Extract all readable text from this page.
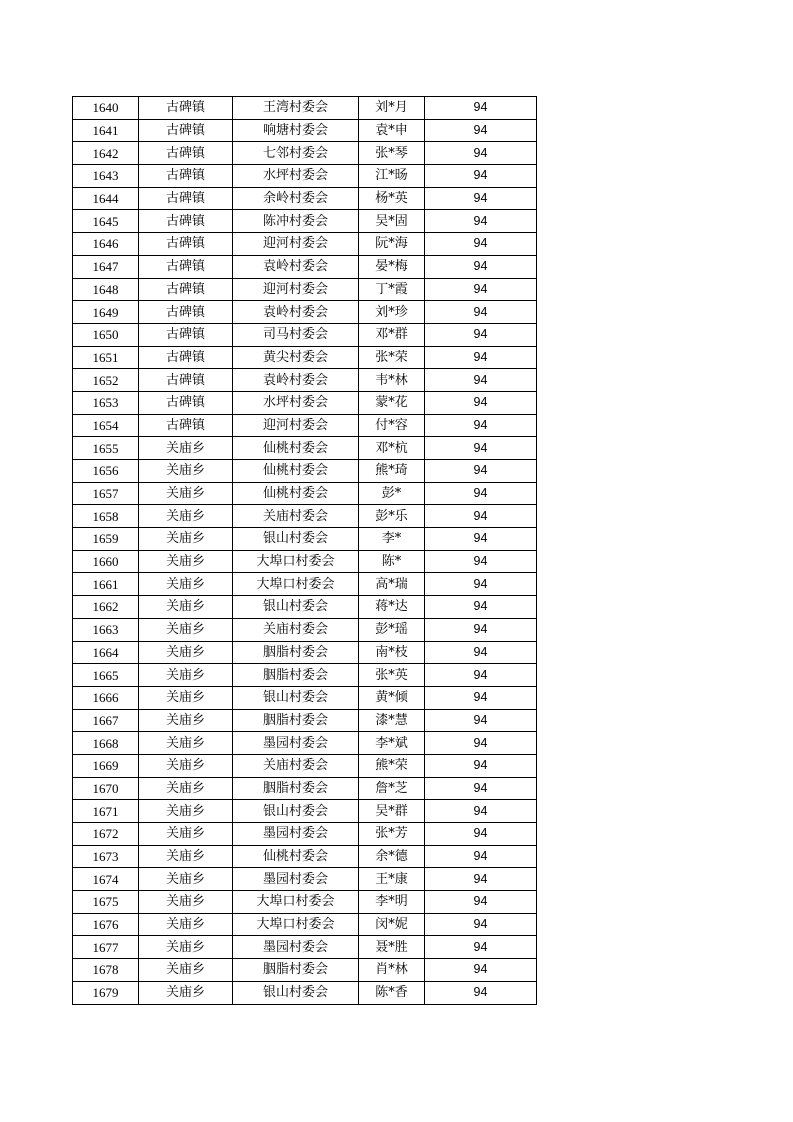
1640	古碑镇	王湾村委会	刘*月	94
1641	古碑镇	响塘村委会	袁*申	94
1642	古碑镇	七邻村委会	张*琴	94
1643	古碑镇	水坪村委会	江*旸	94
1644	古碑镇	余岭村委会	杨*英	94
1645	古碑镇	陈冲村委会	吴*固	94
1646	古碑镇	迎河村委会	阮*海	94
1647	古碑镇	袁岭村委会	晏*梅	94
1648	古碑镇	迎河村委会	丁*霞	94
1649	古碑镇	袁岭村委会	刘*珍	94
1650	古碑镇	司马村委会	邓*群	94
1651	古碑镇	黄尖村委会	张*荣	94
1652	古碑镇	袁岭村委会	韦*林	94
1653	古碑镇	水坪村委会	蒙*花	94
1654	古碑镇	迎河村委会	付*容	94
1655	关庙乡	仙桃村委会	邓*杭	94
1656	关庙乡	仙桃村委会	熊*琦	94
1657	关庙乡	仙桃村委会	彭*	94
1658	关庙乡	关庙村委会	彭*乐	94
1659	关庙乡	银山村委会	李*	94
1660	关庙乡	大埠口村委会	陈*	94
1661	关庙乡	大埠口村委会	高*瑞	94
1662	关庙乡	银山村委会	蒋*达	94
1663	关庙乡	关庙村委会	彭*瑶	94
1664	关庙乡	胭脂村委会	南*枝	94
1665	关庙乡	胭脂村委会	张*英	94
1666	关庙乡	银山村委会	黄*倾	94
1667	关庙乡	胭脂村委会	漆*慧	94
1668	关庙乡	墨园村委会	李*斌	94
1669	关庙乡	关庙村委会	熊*荣	94
1670	关庙乡	胭脂村委会	詹*芝	94
1671	关庙乡	银山村委会	吴*群	94
1672	关庙乡	墨园村委会	张*芳	94
1673	关庙乡	仙桃村委会	余*德	94
1674	关庙乡	墨园村委会	王*康	94
1675	关庙乡	大埠口村委会	李*明	94
1676	关庙乡	大埠口村委会	闵*妮	94
1677	关庙乡	墨园村委会	聂*胜	94
1678	关庙乡	胭脂村委会	肖*林	94
1679	关庙乡	银山村委会	陈*香	94
